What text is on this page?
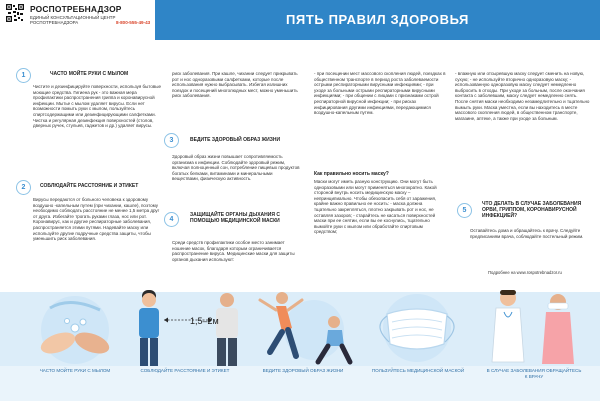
РОСПОТРЕБНАДЗОР
ЕДИНЫЙ КОНСУЛЬТАЦИОННЫЙ ЦЕНТР РОСПОТРЕБНАДЗОРА	8-800-555-49-43	ПЯТЬ ПРАВИЛ ЗДОРОВЬЯ
1	ЧАСТО МОЙТЕ РУКИ С МЫЛОМ
Чистите и дезинфицируйте поверхности, используя бытовые моющие средства. Гигиена рук - это важная мера профилактики распространения гриппа и коронавирусной инфекции. Мытье с мылом удаляет вирусы. Если нет возможности помыть руки с мылом, пользуйтесь спиртсодержащими или дезинфицирующими салфетками. Чистка и регулярная дезинфекция поверхностей (столов, дверных ручек, стульев, гаджетов и др.) удаляет вирусы.
2	СОБЛЮДАЙТЕ РАССТОЯНИЕ И ЭТИКЕТ
Вирусы передаются от больного человека к здоровому воздушно -капельным путем (при чихании, кашле), поэтому необходимо соблюдать расстояние не менее 1,5 метра друг от друга. Избегайте трогать руками глаза, нос или рот. Коронавирус, как и другие респираторные заболевания, распространяется этими путями. Надевайте маску или используйте другие подручные средства защиты, чтобы уменьшить риск заболевания.
риск заболевания. При кашле, чихании следует прикрывать рот и нос одноразовыми салфетками, которые после использования нужно выбрасывать. Избегая излишних поездок и посещений многолюдных мест, можно уменьшить риск заболевания.
3	ВЕДИТЕ ЗДОРОВЫЙ ОБРАЗ ЖИЗНИ
Здоровый образ жизни повышает сопротивляемость организма к инфекции. Соблюдайте здоровый режим, включая полноценный сон, потребление пищевых продуктов богатых белками, витаминами и минеральными веществами, физическую активность.
4
ЗАЩИЩАЙТЕ ОРГАНЫ ДЫХАНИЯ С ПОМОЩЬЮ МЕДИЦИНСКОЙ МАСКИ
Среди средств профилактики особое место занимает ношение масок, благодаря которым ограничивается распространение вируса. Медицинские маски для защиты органов дыхания используют:
- при посещении мест массового скопления людей, поездках в общественном транспорте в период роста заболеваемости острыми респираторными вирусными инфекциями; - при уходе за больными острыми респираторными вирусными инфекциями; - при общении с лицами с признаками острой респираторной вирусной инфекции; - при рисках инфицирования другими инфекциями, передающимися воздушно-капельным путем.
Как правильно носить маску?
Маски могут иметь разную конструкцию. Они могут быть одноразовыми или могут применяться многократно. Какой стороной внутрь носить медицинскую маску – непринципиально. Чтобы обезопасить себя от заражения, крайне важно правильно ее носить: - маска должна тщательно закрепляться, плотно закрывать рот и нос, не оставляя зазоров; - старайтесь не касаться поверхностей маски при ее снятии, если вы ее коснулись, тщательно вымойте руки с мылом или обработайте спиртовым средством;
- влажную или отсыревшую маску следует сменить на новую, сухую; - не используйте вторично одноразовую маску; - использованную одноразовую маску следует немедленно выбросить в отходы. При уходе за больным, после окончания контакта с заболевшим, маску следует немедленно снять. После снятия маски необходимо незамедлительно и тщательно вымыть руки. Маска уместна, если вы находитесь в месте массового скопления людей, в общественном транспорте, магазине, аптеке, а также при уходе за больным.
5
ЧТО ДЕЛАТЬ В СЛУЧАЕ ЗАБОЛЕВАНИЯ ОРВИ, ГРИППОМ, КОРОНАВИРУСНОЙ ИНФЕКЦИЕЙ?
Оставайтесь дома и обращайтесь к врачу. Следуйте предписаниям врача, соблюдайте постельный режим.
Подробнее на www.rospotrebnadzor.ru
1,5–2м
ЧАСТО МОЙТЕ РУКИ С МЫЛОМ	СОБЛЮДАЙТЕ РАССТОЯНИЕ И ЭТИКЕТ	ВЕДИТЕ ЗДОРОВЫЙ ОБРАЗ ЖИЗНИ	ПОЛЬЗУЙТЕСЬ МЕДИЦИНСКОЙ МАСКОЙ	В СЛУЧАЕ ЗАБОЛЕВАНИЯ ОБРАЩАЙТЕСЬ К ВРАЧУ
